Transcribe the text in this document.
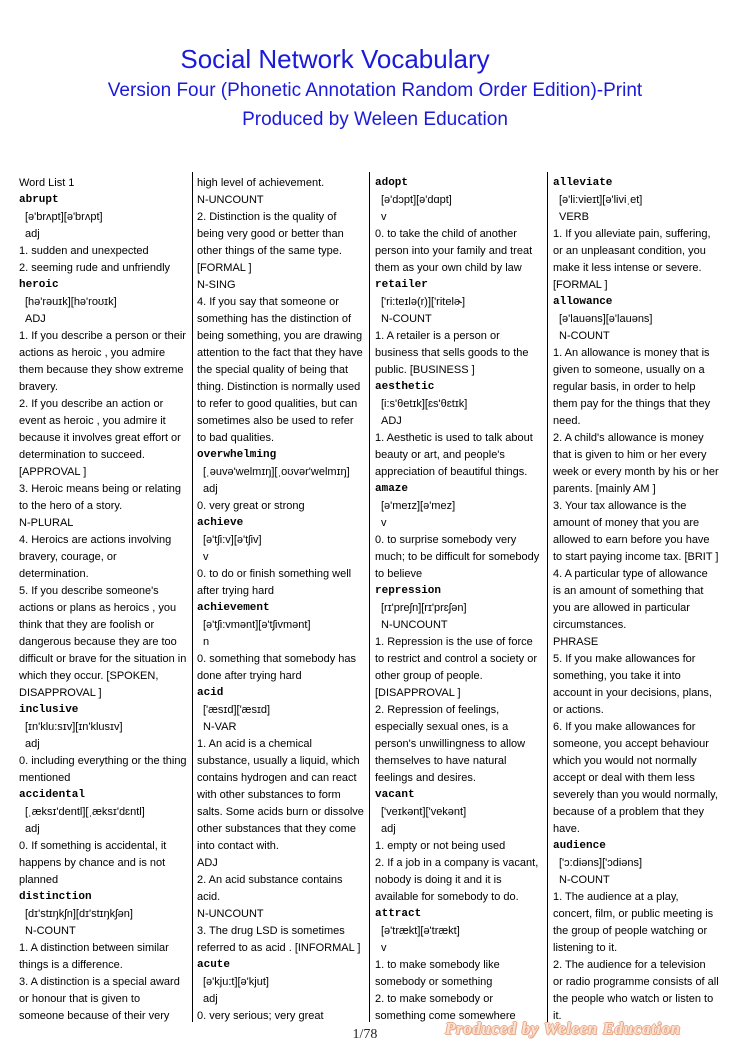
Social Network Vocabulary
Version Four (Phonetic Annotation Random Order Edition)-Print
Produced by Weleen Education
Word List 1
abrupt
[ə'brʌpt][ə'brʌpt]
adj
1. sudden and unexpected
2. seeming rude and unfriendly
heroic
[hə'rəuɪk][hə'roʊɪk]
ADJ
1. If you describe a person or their
actions as heroic , you admire
them because they show extreme
bravery.
2. If you describe an action or
event as heroic , you admire it
because it involves great effort or
determination to succeed.
[APPROVAL ]
3. Heroic means being or relating
to the hero of a story.
N-PLURAL
4. Heroics are actions involving
bravery, courage, or
determination.
5. If you describe someone's
actions or plans as heroics , you
think that they are foolish or
dangerous because they are too
difficult or brave for the situation in
which they occur. [SPOKEN,
DISAPPROVAL ]
inclusive
[ɪn'klu:sɪv][ɪn'klusɪv]
adj
0. including everything or the thing
mentioned
accidental
[ˌæksɪ'dentl][ˌæksɪ'dɛntl]
adj
0. If something is accidental, it
happens by chance and is not
planned
distinction
[dɪ'stɪŋkʃn][dɪ'stɪŋkʃən]
N-COUNT
1. A distinction between similar
things is a difference.
3. A distinction is a special award
or honour that is given to
someone because of their very
high level of achievement.
N-UNCOUNT
2. Distinction is the quality of
being very good or better than
other things of the same type.
[FORMAL ]
N-SING
4. If you say that someone or
something has the distinction of
being something, you are drawing
attention to the fact that they have
the special quality of being that
thing. Distinction is normally used
to refer to good qualities, but can
sometimes also be used to refer
to bad qualities.
overwhelming
[ˌəuvə'welmɪŋ][ˌoʊvər'welmɪŋ]
adj
0. very great or strong
achieve
[ə'tʃi:v][ə'tʃiv]
v
0. to do or finish something well
after trying hard
achievement
[ə'tʃi:vmənt][ə'tʃivmənt]
n
0. something that somebody has
done after trying hard
acid
['æsɪd]['æsɪd]
N-VAR
1. An acid is a chemical
substance, usually a liquid, which
contains hydrogen and can react
with other substances to form
salts. Some acids burn or dissolve
other substances that they come
into contact with.
ADJ
2. An acid substance contains
acid.
N-UNCOUNT
3. The drug LSD is sometimes
referred to as acid . [INFORMAL ]
acute
[ə'kju:t][ə'kjut]
adj
0. very serious; very great
adopt
[ə'dɔpt][ə'dɑpt]
v
0. to take the child of another
person into your family and treat
them as your own child by law
retailer
['ri:teɪlə(r)]['ritelɚ]
N-COUNT
1. A retailer is a person or
business that sells goods to the
public. [BUSINESS ]
aesthetic
[i:s'θetɪk][ɛs'θɛtɪk]
ADJ
1. Aesthetic is used to talk about
beauty or art, and people's
appreciation of beautiful things.
amaze
[ə'meɪz][ə'mez]
v
0. to surprise somebody very
much; to be difficult for somebody
to believe
repression
[rɪ'preʃn][rɪ'prɛʃən]
N-UNCOUNT
1. Repression is the use of force
to restrict and control a society or
other group of people.
[DISAPPROVAL ]
2. Repression of feelings,
especially sexual ones, is a
person's unwillingness to allow
themselves to have natural
feelings and desires.
vacant
['veɪkənt]['vekənt]
adj
1. empty or not being used
2. If a job in a company is vacant,
nobody is doing it and it is
available for somebody to do.
attract
[ə'trækt][ə'trækt]
v
1. to make somebody like
somebody or something
2. to make somebody or
something come somewhere
alleviate
[ə'li:vieɪt][ə'liviˌet]
VERB
1. If you alleviate pain, suffering,
or an unpleasant condition, you
make it less intense or severe.
[FORMAL ]
allowance
[ə'lauəns][ə'lauəns]
N-COUNT
1. An allowance is money that is
given to someone, usually on a
regular basis, in order to help
them pay for the things that they
need.
2. A child's allowance is money
that is given to him or her every
week or every month by his or her
parents. [mainly AM ]
3. Your tax allowance is the
amount of money that you are
allowed to earn before you have
to start paying income tax. [BRIT ]
4. A particular type of allowance
is an amount of something that
you are allowed in particular
circumstances.
PHRASE
5. If you make allowances for
something, you take it into
account in your decisions, plans,
or actions.
6. If you make allowances for
someone, you accept behaviour
which you would not normally
accept or deal with them less
severely than you would normally,
because of a problem that they
have.
audience
['ɔ:diəns]['ɔdiəns]
N-COUNT
1. The audience at a play,
concert, film, or public meeting is
the group of people watching or
listening to it.
2. The audience for a television
or radio programme consists of all
the people who watch or listen to
it.
1/78	Produced by Weleen Education
